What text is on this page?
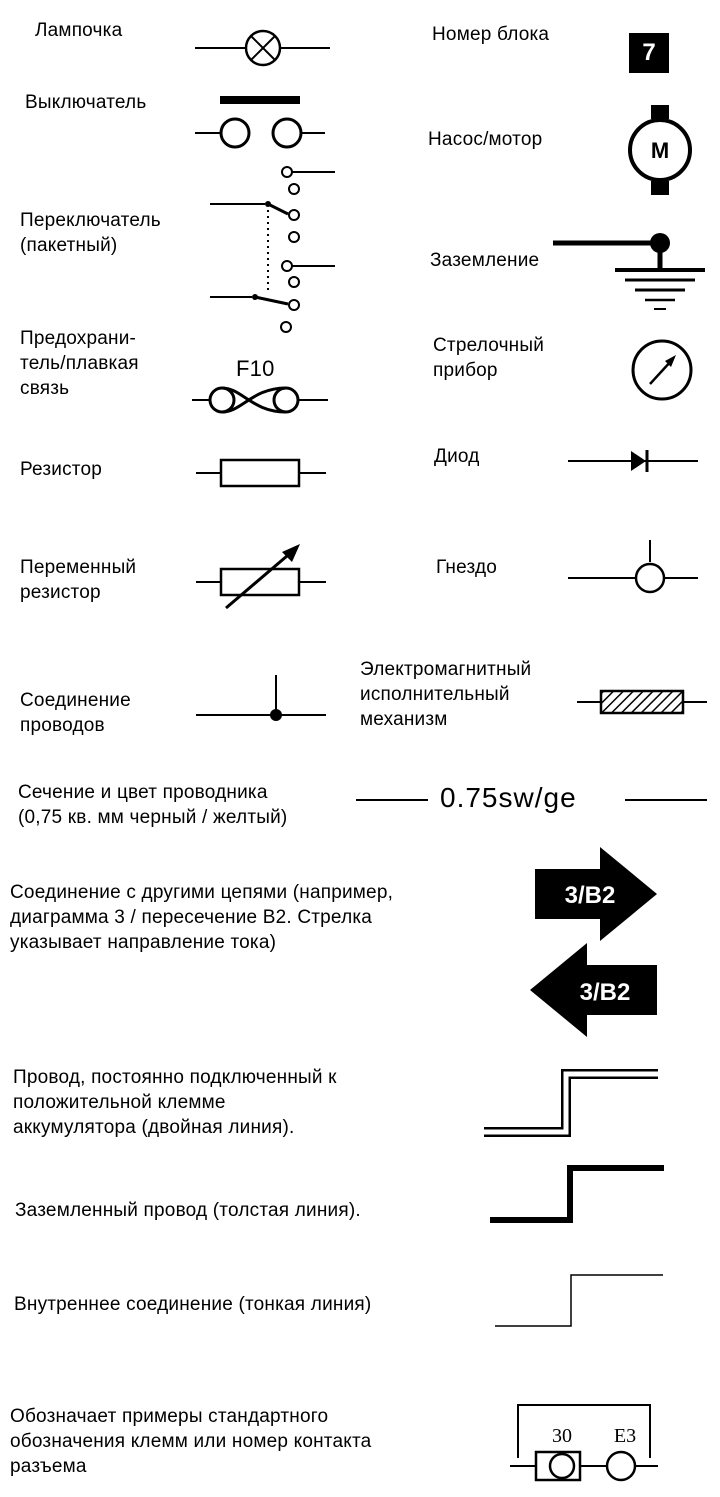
Лампочка
Выключатель
Переключатель
(пакетный)
Предохрани-
тель/плавкая
связь
Резистор
Переменный
резистор
Соединение
проводов
Номер блока
Насос/мотор
Заземление
Стрелочный
прибор
Диод
Гнездо
Электромагнитный
исполнительный
механизм
Сечение и цвет проводника
(0,75 кв. мм черный / желтый)
Соединение с другими цепями (например,
диаграмма 3 / пересечение В2. Стрелка
указывает направление тока)
Провод, постоянно подключенный к
положительной клемме
аккумулятора (двойная линия).
Заземленный провод (толстая линия).
Внутреннее соединение (тонкая линия)
Обозначает примеры стандартного
обозначения клемм или номер контакта
разъема
F10
7
M
0.75sw/ge
3/B2
3/B2
30 E3
